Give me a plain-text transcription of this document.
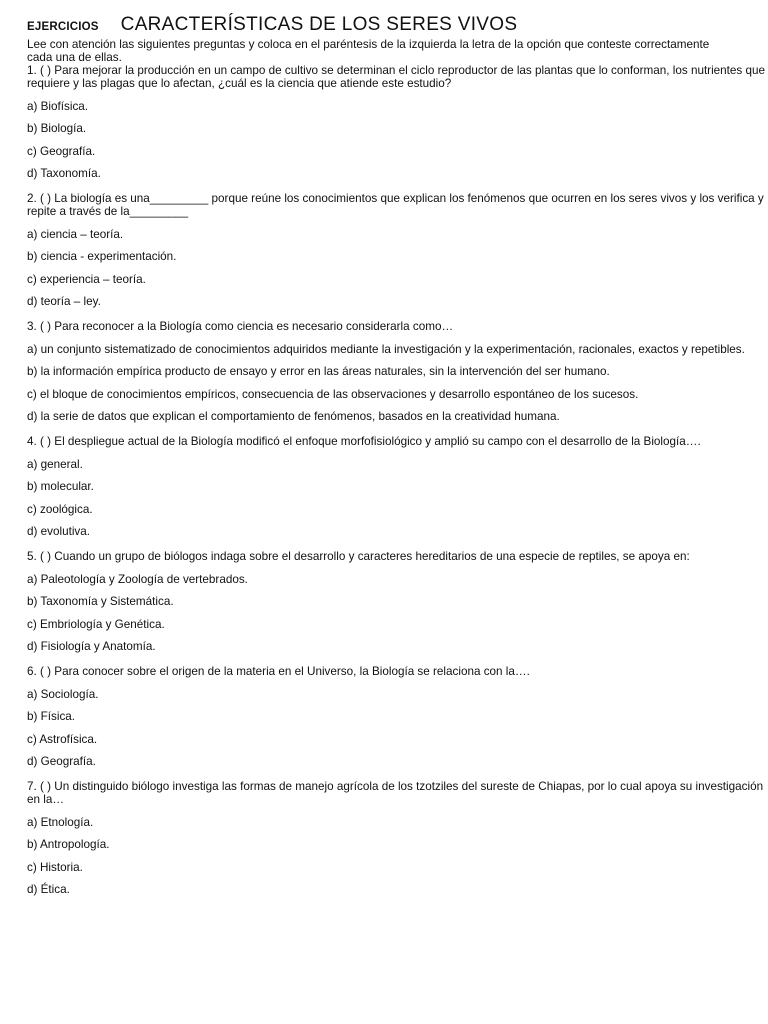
EJERCICIOS CARACTERÍSTICAS DE LOS SERES VIVOS

Lee con atención las siguientes preguntas y coloca en el paréntesis de la izquierda la letra de la opción que conteste correctamente cada una de ellas.

1. ( ) Para mejorar la producción en un campo de cultivo se determinan el ciclo reproductor de las plantas que lo conforman, los nutrientes que requiere y las plagas que lo afectan, ¿cuál es la ciencia que atiende este estudio?

a) Biofísica.

b) Biología.

c) Geografía.

d) Taxonomía.

2. ( ) La biología es una_________ porque reúne los conocimientos que explican los fenómenos que ocurren en los seres vivos y los verifica y repite a través de la_________

a) ciencia – teoría.

b) ciencia - experimentación.

c) experiencia – teoría.

d) teoría – ley.

3. ( ) Para reconocer a la Biología como ciencia es necesario considerarla como…

a) un conjunto sistematizado de conocimientos adquiridos mediante la investigación y la experimentación, racionales, exactos y repetibles.

b) la información empírica producto de ensayo y error en las áreas naturales, sin la intervención del ser humano.

c) el bloque de conocimientos empíricos, consecuencia de las observaciones y desarrollo espontáneo de los sucesos.

d) la serie de datos que explican el comportamiento de fenómenos, basados en la creatividad humana.

4. ( ) El despliegue actual de la Biología modificó el enfoque morfofisiológico y amplió su campo con el desarrollo de la Biología….

a) general.

b) molecular.

c) zoológica.

d) evolutiva.

5. ( ) Cuando un grupo de biólogos indaga sobre el desarrollo y caracteres hereditarios de una especie de reptiles, se apoya en:

a) Paleotología y Zoología de vertebrados.

b) Taxonomía y Sistemática.

c) Embriología y Genética.

d) Fisiología y Anatomía.

6. ( ) Para conocer sobre el origen de la materia en el Universo, la Biología se relaciona con la….

a) Sociología.

b) Física.

c) Astrofísica.

d) Geografía.

7. ( ) Un distinguido biólogo investiga las formas de manejo agrícola de los tzotziles del sureste de Chiapas, por lo cual apoya su investigación en la…

a) Etnología.

b) Antropología.

c) Historia.

d) Ética.
